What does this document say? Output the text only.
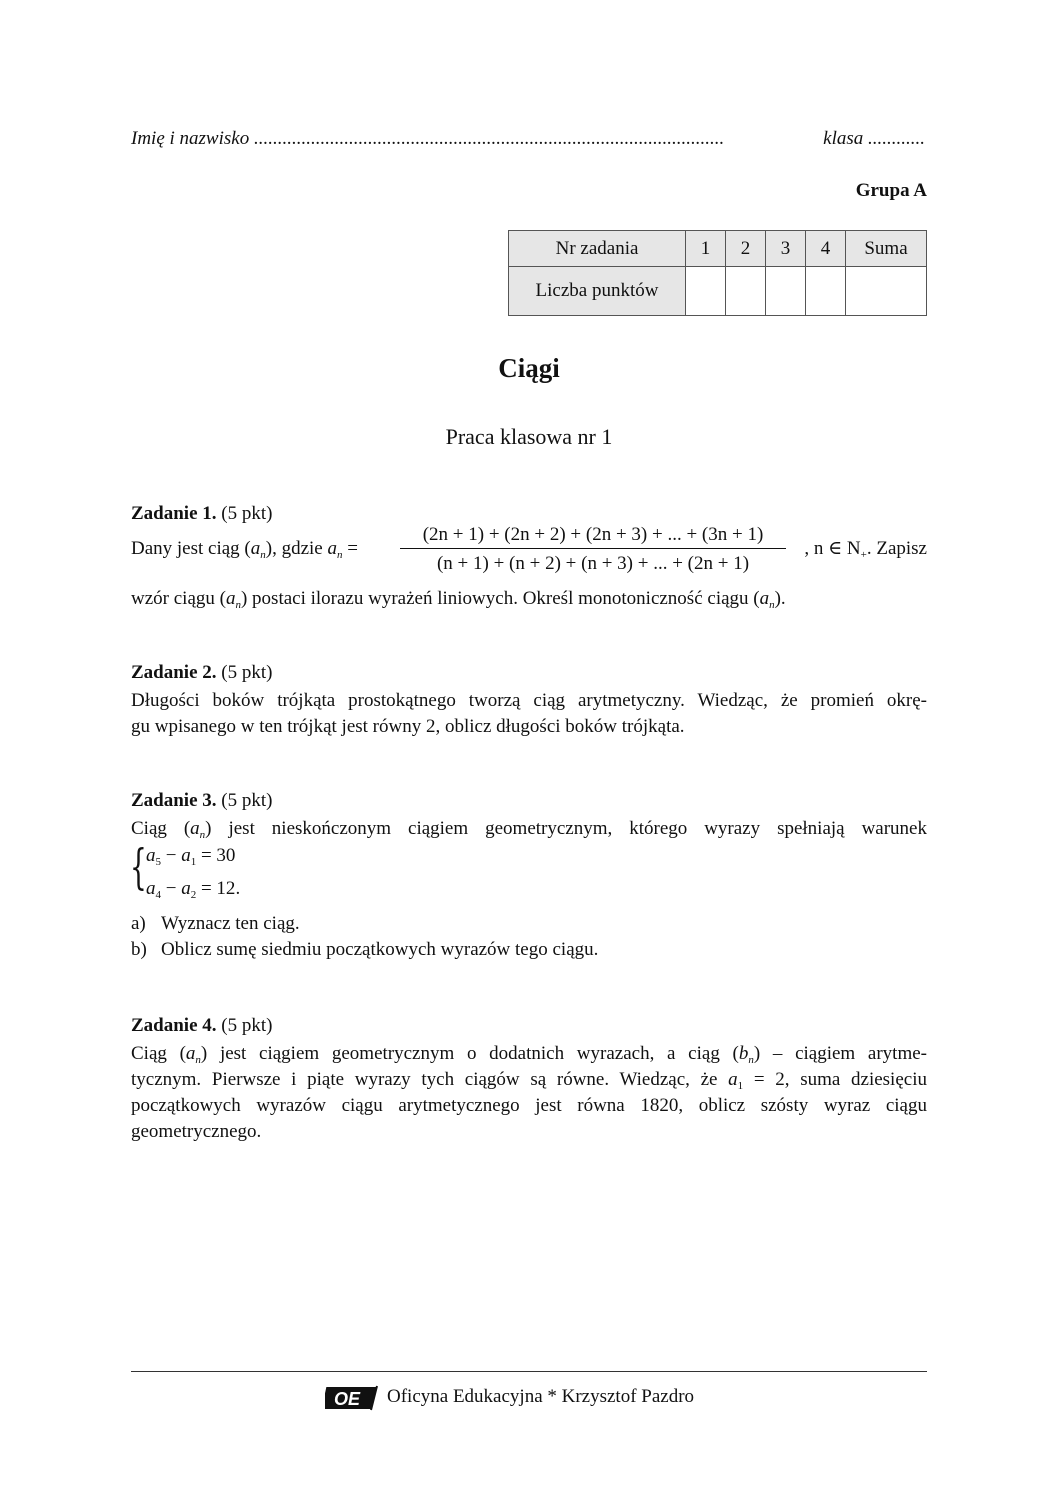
Imię i nazwisko ...................................................................................................	klasa ............
Grupa A
Nr zadania	1	2	3	4	Suma
Liczba punktów					
Ciągi
Praca klasowa nr 1
Zadanie 1. (5 pkt)
Dany jest ciąg $(a_n)$, gdzie $a_n$ =	$\frac{(2n + 1) + (2n + 2) + (2n + 3) + ... + (3n + 1)}{(n + 1) + (n + 2) + (n + 3) + ... + (2n + 1)}$ , n ∈ $N_+$. Zapisz
wzór ciągu $(a_n)$ postaci ilorazu wyrażeń liniowych. Określ monotoniczność ciągu $(a_n)$.
Zadanie 2. (5 pkt)
Długości boków trójkąta prostokątnego tworzą ciąg arytmetyczny. Wiedząc, że promień okrę-
gu wpisanego w ten trójkąt jest równy 2, oblicz długości boków trójkąta.
Zadanie 3. (5 pkt)
Ciąg $(a_n)$ jest nieskończonym ciągiem geometrycznym, którego wyrazy spełniają warunek
{ $a_5 - a_1 = 30$
$a_4 - a_2 = 12$.
a) Wyznacz ten ciąg.
b) Oblicz sumę siedmiu początkowych wyrazów tego ciągu.
Zadanie 4. (5 pkt)
Ciąg $(a_n)$ jest ciągiem geometrycznym o dodatnich wyrazach, a ciąg $(b_n)$ – ciągiem arytme-
tycznym. Pierwsze i piąte wyrazy tych ciągów są równe. Wiedząc, że $a_1 = 2$, suma dziesięciu
początkowych wyrazów ciągu arytmetycznego jest równa 1820, oblicz szósty wyraz ciągu
geometrycznego.
OE Oficyna Edukacyjna * Krzysztof Pazdro
